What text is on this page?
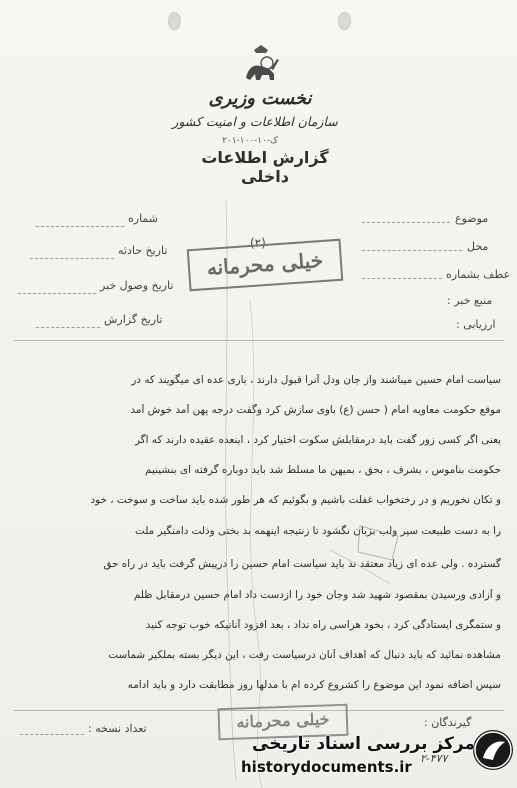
نخست وزیری
سازمان اطلاعات و امنیت کشور
۲۰۱-۱۰۰-۱۰-ک
گزارش اطلاعات داخلی
شماره
تاریخ حادثه
تاریخ وصول خبر
تاریخ گزارش
موضوع
محل
عطف بشماره
منبع خبر :
ارزیابی :
(۲)
خیلی محرمانه
سیاست امام حسین میباشند واز جان ودل آنرا قبول دارند ، باری عده ای میگویند که در
موقع حکومت معاویه امام ( حسن (ع) باوی سازش کرد وگفت درجه پهن آمد خوش آمد
یعنی اگر کسی زور گفت باید درمقابلش سکوت اختیار کرد ، اینعده عقیده دارند که اگر
حکومت بناموس ، بشرف ، بحق ، بمیهن ما مسلط شد باید دوباره گرفته ای بنشینیم
و تکان نخوریم و در رختخواب غفلت باشیم و بگوئیم که هر طور شده باید ساخت و سوخت ، خود
را به دست طبیعت سپر ولب بزبان نگشود تا زنتیجه اینهمه بد بختی وذلت دامنگیر ملت
گسترده . ولی عده ای زیاد معتقد ند باید سیاست امام حسین را درپیش گرفت باید در راه حق
و آزادی ورسیدن بمقصود شهید شد وجان خود را ازدست داد امام حسین درمقابل ظلم
و ستمگری ایستادگی کرد ، بخود هراسی راه نداد ، بعد افزود آنانیکه خوب توجه کنید
مشاهده نمائید که باید دنبال که اهداف آنان درسیاست رفت ، این دیگر بسته بملکیر شماست
سپس اضافه نمود این موضوع را کشروع کرده ام با مدلها روز مطابقت دارد و باید ادامه
گیرندگان :
تعداد نسخه :
۲-۴۷۷
خیلی محرمانه
مرکز بررسی اسناد تاریخی
historydocuments.ir
